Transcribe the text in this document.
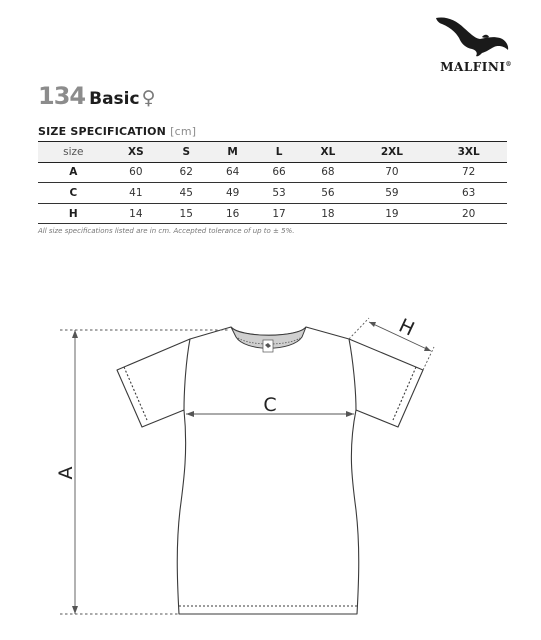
MALFINI®
134 Basic ♀
SIZE SPECIFICATION [cm]
size	XS	S	M	L	XL	2XL	3XL
A	60	62	64	66	68	70	72
C	41	45	49	53	56	59	63
H	14	15	16	17	18	19	20
All size specifications listed are in cm. Accepted tolerance of up to ± 5%.
A
C
H
